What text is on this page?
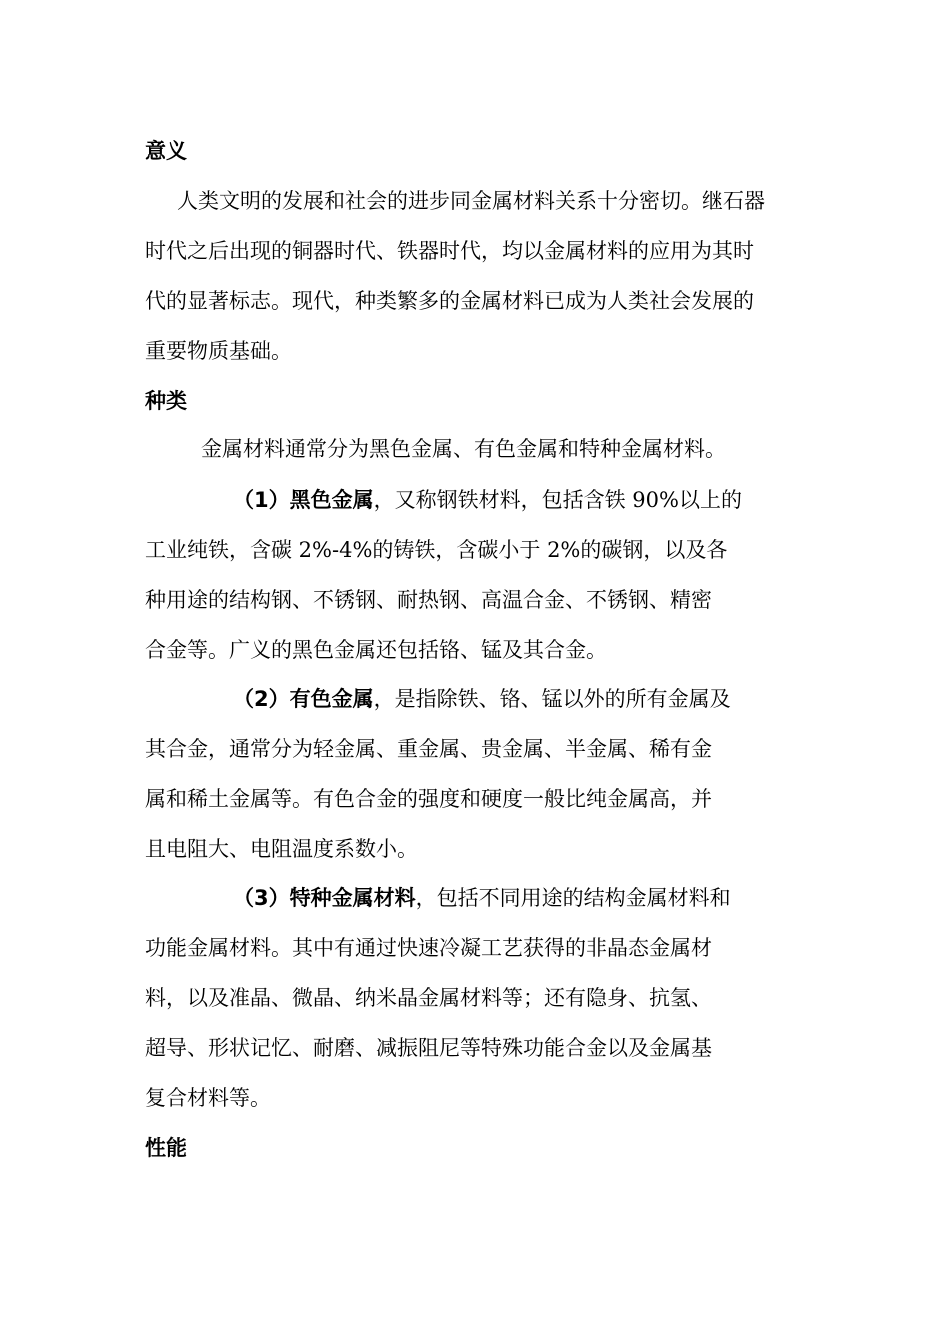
意义
人类文明的发展和社会的进步同金属材料关系十分密切。继石器
时代之后出现的铜器时代、铁器时代，均以金属材料的应用为其时
代的显著标志。现代，种类繁多的金属材料已成为人类社会发展的
重要物质基础。
种类
金属材料通常分为黑色金属、有色金属和特种金属材料。
（1）黑色金属，又称钢铁材料，包括含铁 90%以上的
工业纯铁，含碳 2%-4%的铸铁，含碳小于 2%的碳钢，以及各
种用途的结构钢、不锈钢、耐热钢、高温合金、不锈钢、精密
合金等。广义的黑色金属还包括铬、锰及其合金。
（2）有色金属，是指除铁、铬、锰以外的所有金属及
其合金，通常分为轻金属、重金属、贵金属、半金属、稀有金
属和稀土金属等。有色合金的强度和硬度一般比纯金属高，并
且电阻大、电阻温度系数小。
（3）特种金属材料，包括不同用途的结构金属材料和
功能金属材料。其中有通过快速冷凝工艺获得的非晶态金属材
料，以及准晶、微晶、纳米晶金属材料等；还有隐身、抗氢、
超导、形状记忆、耐磨、减振阻尼等特殊功能合金以及金属基
复合材料等。
性能
